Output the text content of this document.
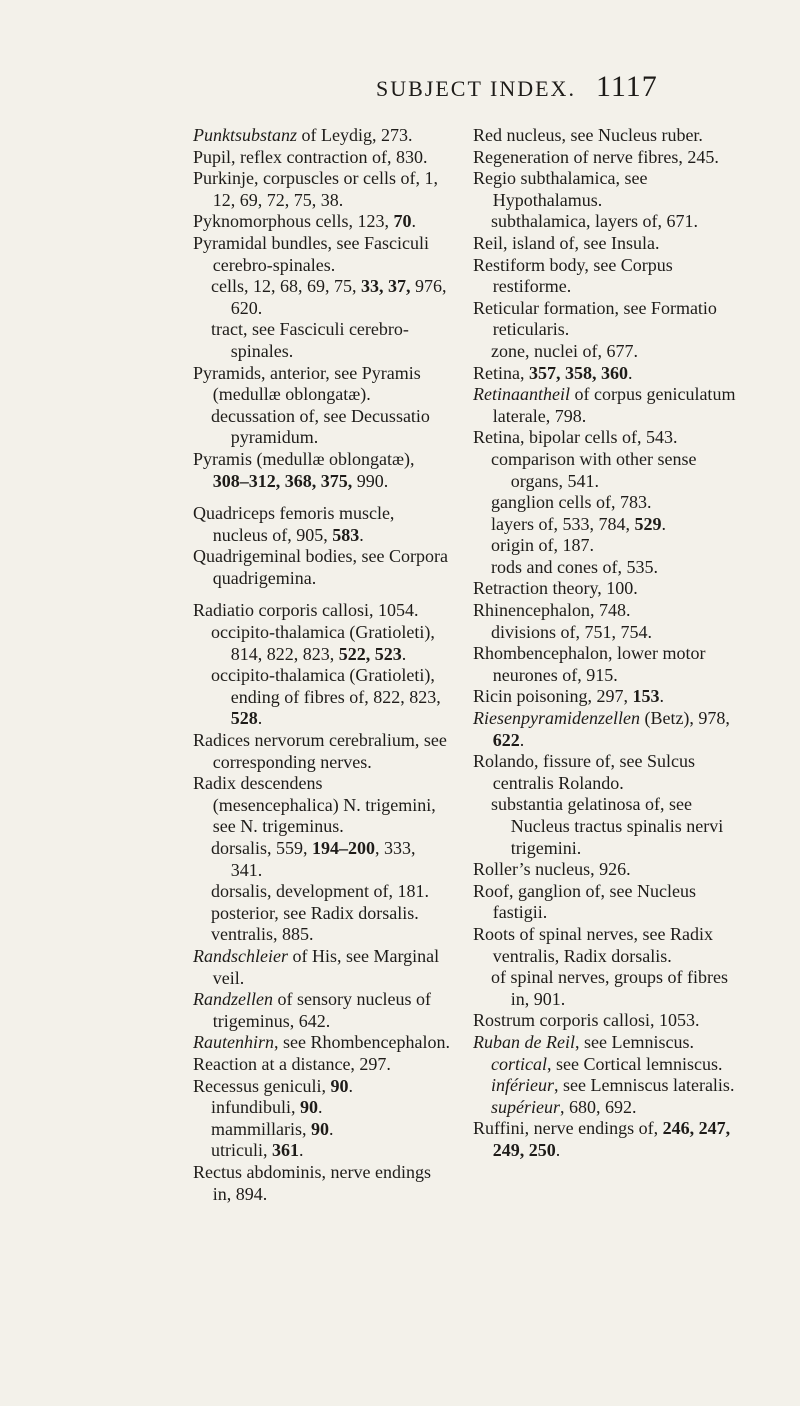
SUBJECT INDEX. 1117

Punktsubstanz of Leydig, 273.

Pupil, reflex contraction of, 830.

Purkinje, corpuscles or cells of, 1, 12, 69, 72, 75, 38.

Pyknomorphous cells, 123, 70.

Pyramidal bundles, see Fasciculi cerebro-spinales.

cells, 12, 68, 69, 75, 33, 37, 976, 620.

tract, see Fasciculi cerebro-spinales.

Pyramids, anterior, see Pyramis (medullæ oblongatæ).

decussation of, see Decussatio pyramidum.

Pyramis (medullæ oblongatæ), 308–312, 368, 375, 990.

Quadriceps femoris muscle, nucleus of, 905, 583.

Quadrigeminal bodies, see Corpora quadrigemina.

Radiatio corporis callosi, 1054.

occipito-thalamica (Gratioleti), 814, 822, 823, 522, 523.

occipito-thalamica (Gratioleti), ending of fibres of, 822, 823, 528.

Radices nervorum cerebralium, see corresponding nerves.

Radix descendens (mesencephalica) N. trigemini, see N. trigeminus.

dorsalis, 559, 194–200, 333, 341.

dorsalis, development of, 181.

posterior, see Radix dorsalis.

ventralis, 885.

Randschleier of His, see Marginal veil.

Randzellen of sensory nucleus of trigeminus, 642.

Rautenhirn, see Rhombencephalon.

Reaction at a distance, 297.

Recessus geniculi, 90.

infundibuli, 90.

mammillaris, 90.

utriculi, 361.

Rectus abdominis, nerve endings in, 894.

Red nucleus, see Nucleus ruber.

Regeneration of nerve fibres, 245.

Regio subthalamica, see Hypothalamus.

subthalamica, layers of, 671.

Reil, island of, see Insula.

Restiform body, see Corpus restiforme.

Reticular formation, see Formatio reticularis.

zone, nuclei of, 677.

Retina, 357, 358, 360.

Retinaantheil of corpus geniculatum laterale, 798.

Retina, bipolar cells of, 543.

comparison with other sense organs, 541.

ganglion cells of, 783.

layers of, 533, 784, 529.

origin of, 187.

rods and cones of, 535.

Retraction theory, 100.

Rhinencephalon, 748.

divisions of, 751, 754.

Rhombencephalon, lower motor neurones of, 915.

Ricin poisoning, 297, 153.

Riesenpyramidenzellen (Betz), 978, 622.

Rolando, fissure of, see Sulcus centralis Rolando.

substantia gelatinosa of, see Nucleus tractus spinalis nervi trigemini.

Roller’s nucleus, 926.

Roof, ganglion of, see Nucleus fastigii.

Roots of spinal nerves, see Radix ventralis, Radix dorsalis.

of spinal nerves, groups of fibres in, 901.

Rostrum corporis callosi, 1053.

Ruban de Reil, see Lemniscus.

cortical, see Cortical lemniscus.

inférieur, see Lemniscus lateralis.

supérieur, 680, 692.

Ruffini, nerve endings of, 246, 247, 249, 250.
